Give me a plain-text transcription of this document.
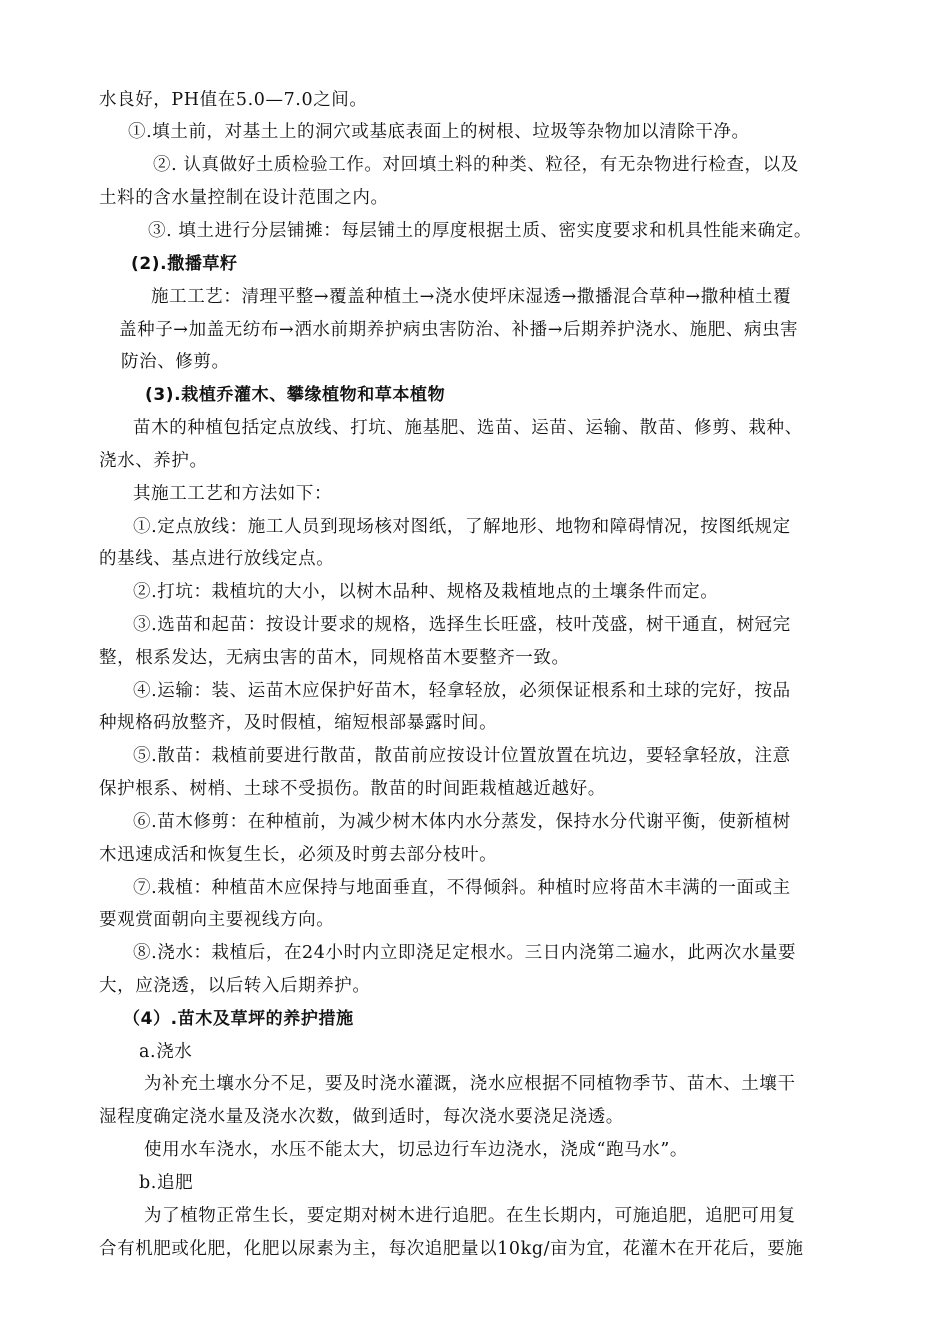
水良好，PH值在5.0—7.0之间。
①.填土前，对基土上的洞穴或基底表面上的树根、垃圾等杂物加以清除干净。
②. 认真做好土质检验工作。对回填土料的种类、粒径，有无杂物进行检查，以及
土料的含水量控制在设计范围之内。
③. 填土进行分层铺摊：每层铺土的厚度根据土质、密实度要求和机具性能来确定。
(2).撒播草籽
施工工艺：清理平整→覆盖种植土→浇水使坪床湿透→撒播混合草种→撒种植土覆
盖种子→加盖无纺布→洒水前期养护病虫害防治、补播→后期养护浇水、施肥、病虫害
防治、修剪。
(3).栽植乔灌木、攀缘植物和草本植物
苗木的种植包括定点放线、打坑、施基肥、选苗、运苗、运输、散苗、修剪、栽种、
浇水、养护。
其施工工艺和方法如下：
①.定点放线：施工人员到现场核对图纸，了解地形、地物和障碍情况，按图纸规定
的基线、基点进行放线定点。
②.打坑：栽植坑的大小，以树木品种、规格及栽植地点的土壤条件而定。
③.选苗和起苗：按设计要求的规格，选择生长旺盛，枝叶茂盛，树干通直，树冠完
整，根系发达，无病虫害的苗木，同规格苗木要整齐一致。
④.运输：装、运苗木应保护好苗木，轻拿轻放，必须保证根系和土球的完好，按品
种规格码放整齐，及时假植，缩短根部暴露时间。
⑤.散苗：栽植前要进行散苗，散苗前应按设计位置放置在坑边，要轻拿轻放，注意
保护根系、树梢、土球不受损伤。散苗的时间距栽植越近越好。
⑥.苗木修剪：在种植前，为减少树木体内水分蒸发，保持水分代谢平衡，使新植树
木迅速成活和恢复生长，必须及时剪去部分枝叶。
⑦.栽植：种植苗木应保持与地面垂直，不得倾斜。种植时应将苗木丰满的一面或主
要观赏面朝向主要视线方向。
⑧.浇水：栽植后，在24小时内立即浇足定根水。三日内浇第二遍水，此两次水量要
大，应浇透，以后转入后期养护。
（4）.苗木及草坪的养护措施
a.浇水
为补充土壤水分不足，要及时浇水灌溉，浇水应根据不同植物季节、苗木、土壤干
湿程度确定浇水量及浇水次数，做到适时，每次浇水要浇足浇透。
使用水车浇水，水压不能太大，切忌边行车边浇水，浇成“跑马水”。
b.追肥
为了植物正常生长，要定期对树木进行追肥。在生长期内，可施追肥，追肥可用复
合有机肥或化肥，化肥以尿素为主，每次追肥量以10kg/亩为宜，花灌木在开花后，要施
